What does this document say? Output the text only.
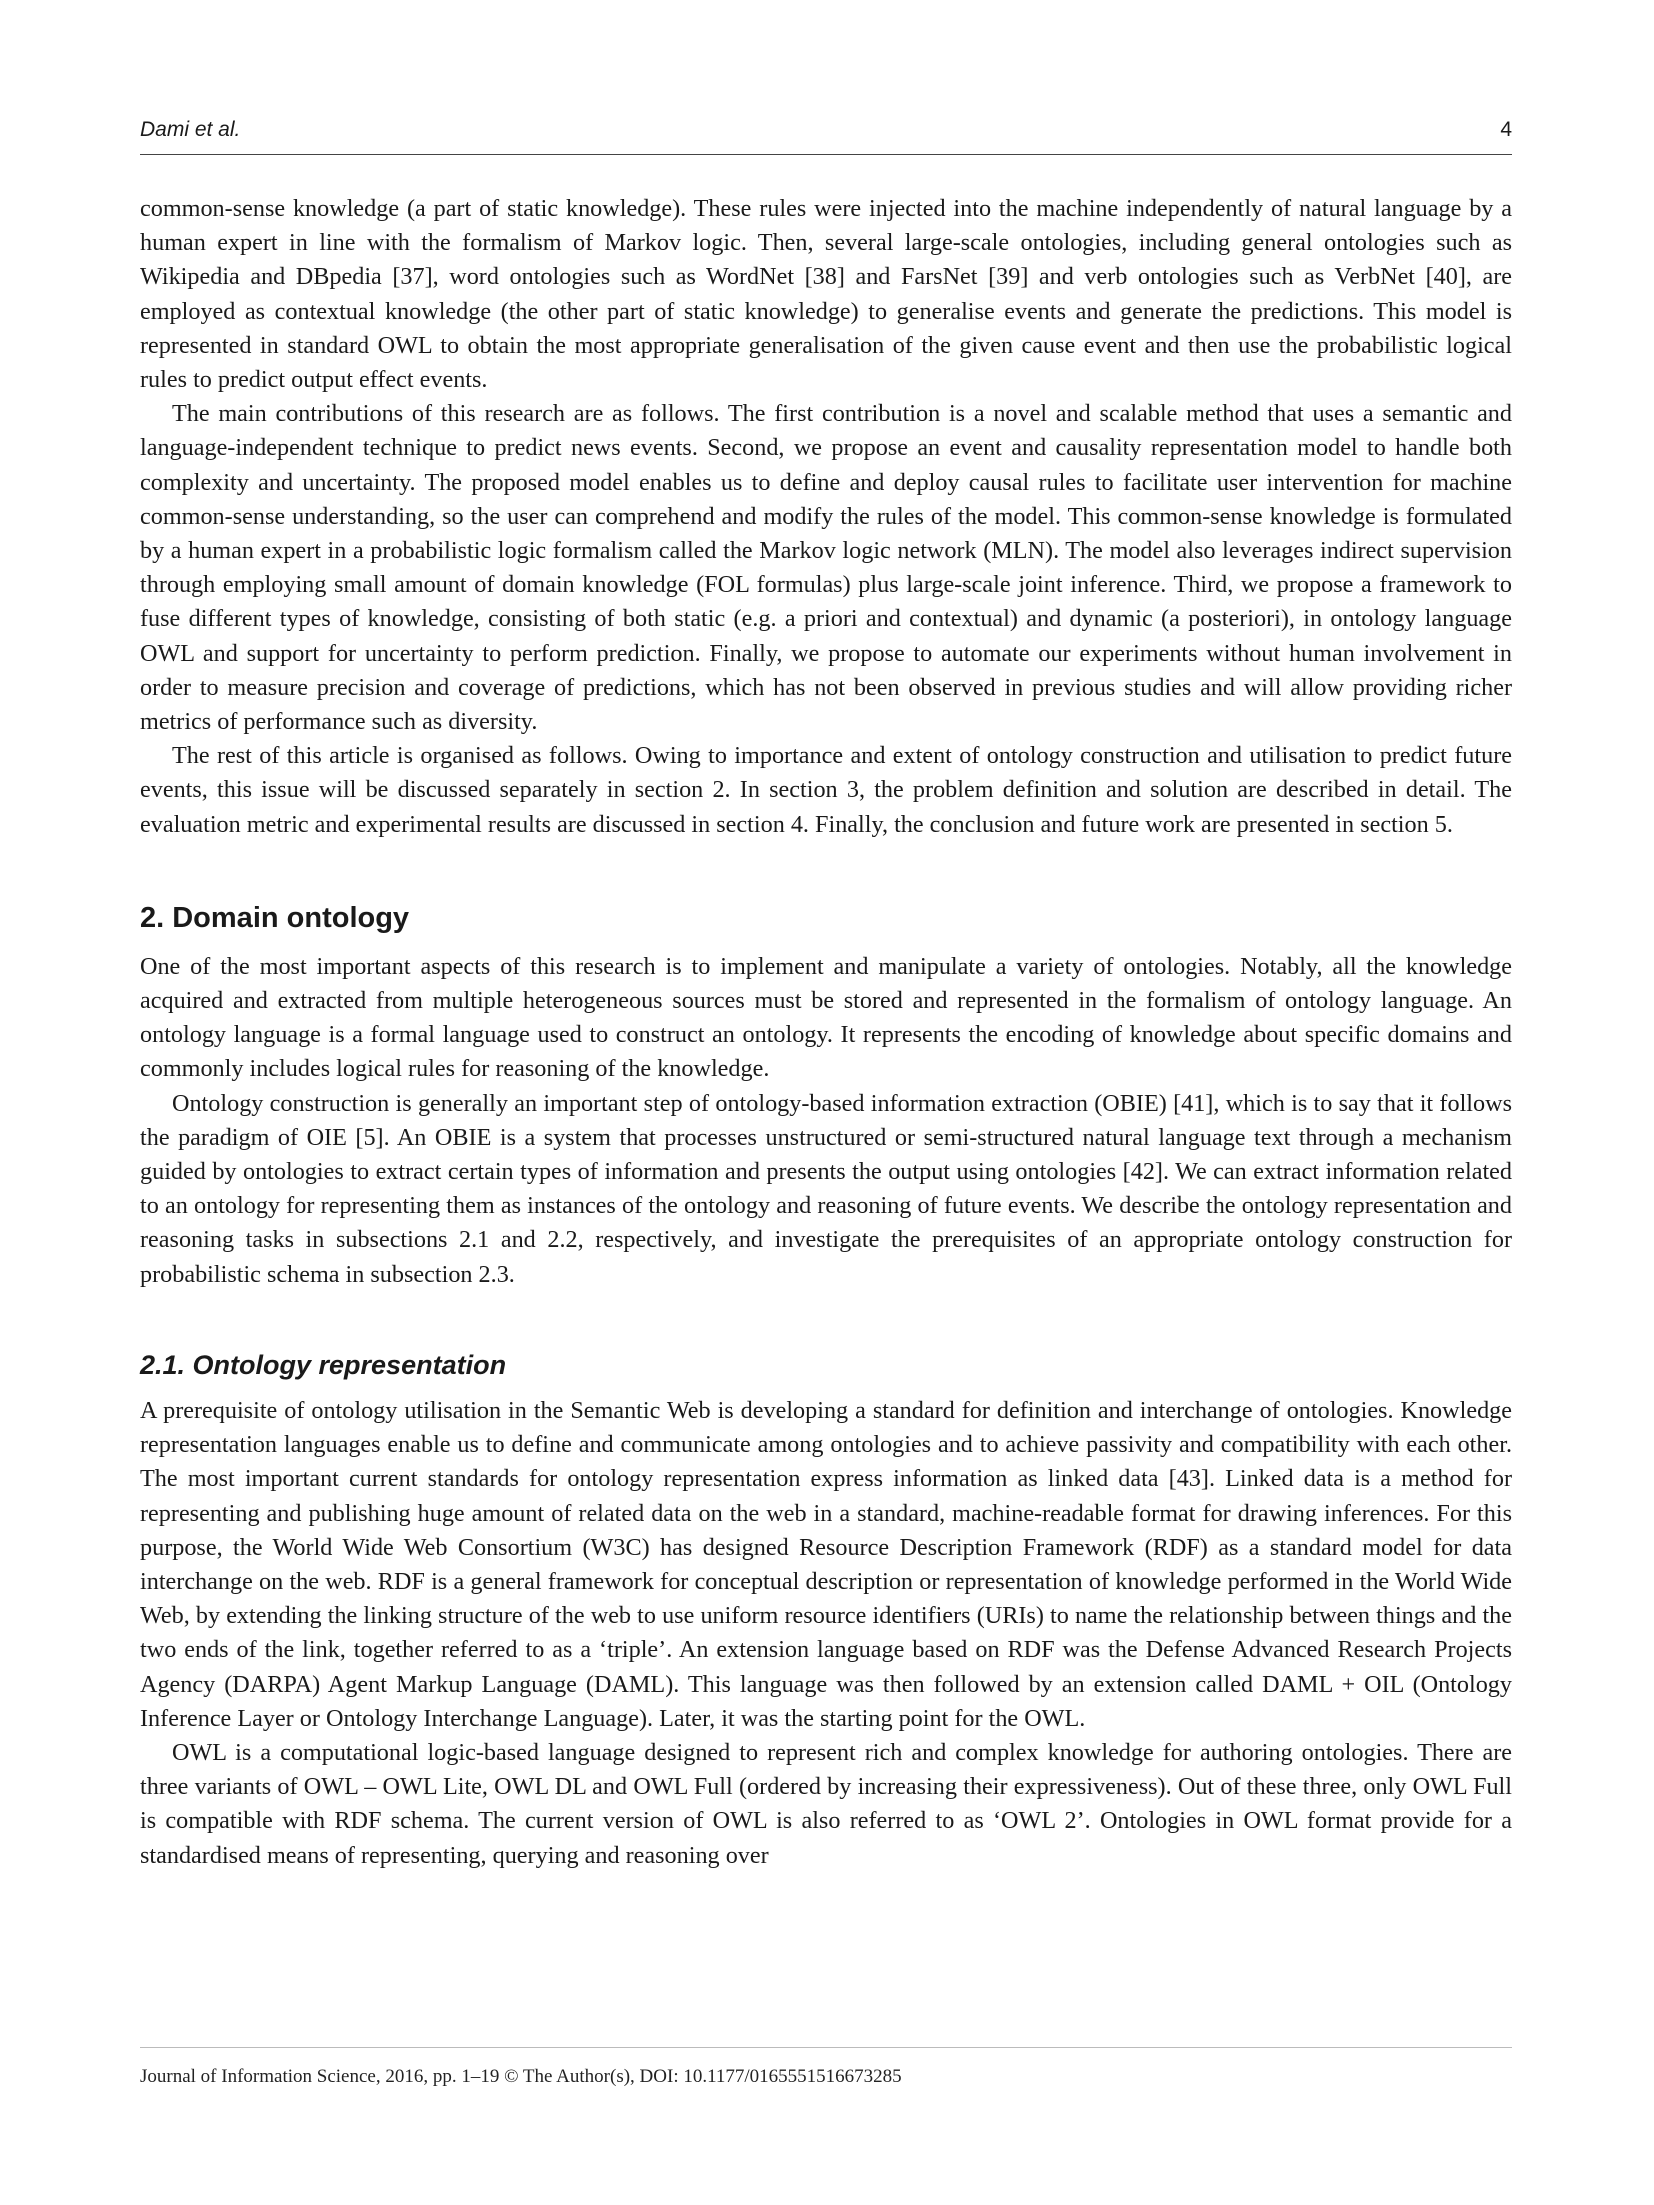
Dami et al.	4

common-sense knowledge (a part of static knowledge). These rules were injected into the machine independently of natural language by a human expert in line with the formalism of Markov logic. Then, several large-scale ontologies, including general ontologies such as Wikipedia and DBpedia [37], word ontologies such as WordNet [38] and FarsNet [39] and verb ontologies such as VerbNet [40], are employed as contextual knowledge (the other part of static knowledge) to generalise events and generate the predictions. This model is represented in standard OWL to obtain the most appropriate generalisation of the given cause event and then use the probabilistic logical rules to predict output effect events.

The main contributions of this research are as follows. The first contribution is a novel and scalable method that uses a semantic and language-independent technique to predict news events. Second, we propose an event and causality representation model to handle both complexity and uncertainty. The proposed model enables us to define and deploy causal rules to facilitate user intervention for machine common-sense understanding, so the user can comprehend and modify the rules of the model. This common-sense knowledge is formulated by a human expert in a probabilistic logic formalism called the Markov logic network (MLN). The model also leverages indirect supervision through employing small amount of domain knowledge (FOL formulas) plus large-scale joint inference. Third, we propose a framework to fuse different types of knowledge, consisting of both static (e.g. a priori and contextual) and dynamic (a posteriori), in ontology language OWL and support for uncertainty to perform prediction. Finally, we propose to automate our experiments without human involvement in order to measure precision and coverage of predictions, which has not been observed in previous studies and will allow providing richer metrics of performance such as diversity.

The rest of this article is organised as follows. Owing to importance and extent of ontology construction and utilisation to predict future events, this issue will be discussed separately in section 2. In section 3, the problem definition and solution are described in detail. The evaluation metric and experimental results are discussed in section 4. Finally, the conclusion and future work are presented in section 5.

2. Domain ontology

One of the most important aspects of this research is to implement and manipulate a variety of ontologies. Notably, all the knowledge acquired and extracted from multiple heterogeneous sources must be stored and represented in the formalism of ontology language. An ontology language is a formal language used to construct an ontology. It represents the encoding of knowledge about specific domains and commonly includes logical rules for reasoning of the knowledge.

Ontology construction is generally an important step of ontology-based information extraction (OBIE) [41], which is to say that it follows the paradigm of OIE [5]. An OBIE is a system that processes unstructured or semi-structured natural language text through a mechanism guided by ontologies to extract certain types of information and presents the output using ontologies [42]. We can extract information related to an ontology for representing them as instances of the ontology and reasoning of future events. We describe the ontology representation and reasoning tasks in subsections 2.1 and 2.2, respectively, and investigate the prerequisites of an appropriate ontology construction for probabilistic schema in subsection 2.3.

2.1. Ontology representation

A prerequisite of ontology utilisation in the Semantic Web is developing a standard for definition and interchange of ontologies. Knowledge representation languages enable us to define and communicate among ontologies and to achieve passivity and compatibility with each other. The most important current standards for ontology representation express information as linked data [43]. Linked data is a method for representing and publishing huge amount of related data on the web in a standard, machine-readable format for drawing inferences. For this purpose, the World Wide Web Consortium (W3C) has designed Resource Description Framework (RDF) as a standard model for data interchange on the web. RDF is a general framework for conceptual description or representation of knowledge performed in the World Wide Web, by extending the linking structure of the web to use uniform resource identifiers (URIs) to name the relationship between things and the two ends of the link, together referred to as a ‘triple’. An extension language based on RDF was the Defense Advanced Research Projects Agency (DARPA) Agent Markup Language (DAML). This language was then followed by an extension called DAML + OIL (Ontology Inference Layer or Ontology Interchange Language). Later, it was the starting point for the OWL.

OWL is a computational logic-based language designed to represent rich and complex knowledge for authoring ontologies. There are three variants of OWL – OWL Lite, OWL DL and OWL Full (ordered by increasing their expressiveness). Out of these three, only OWL Full is compatible with RDF schema. The current version of OWL is also referred to as ‘OWL 2’. Ontologies in OWL format provide for a standardised means of representing, querying and reasoning over

Journal of Information Science, 2016, pp. 1–19 © The Author(s), DOI: 10.1177/0165551516673285
